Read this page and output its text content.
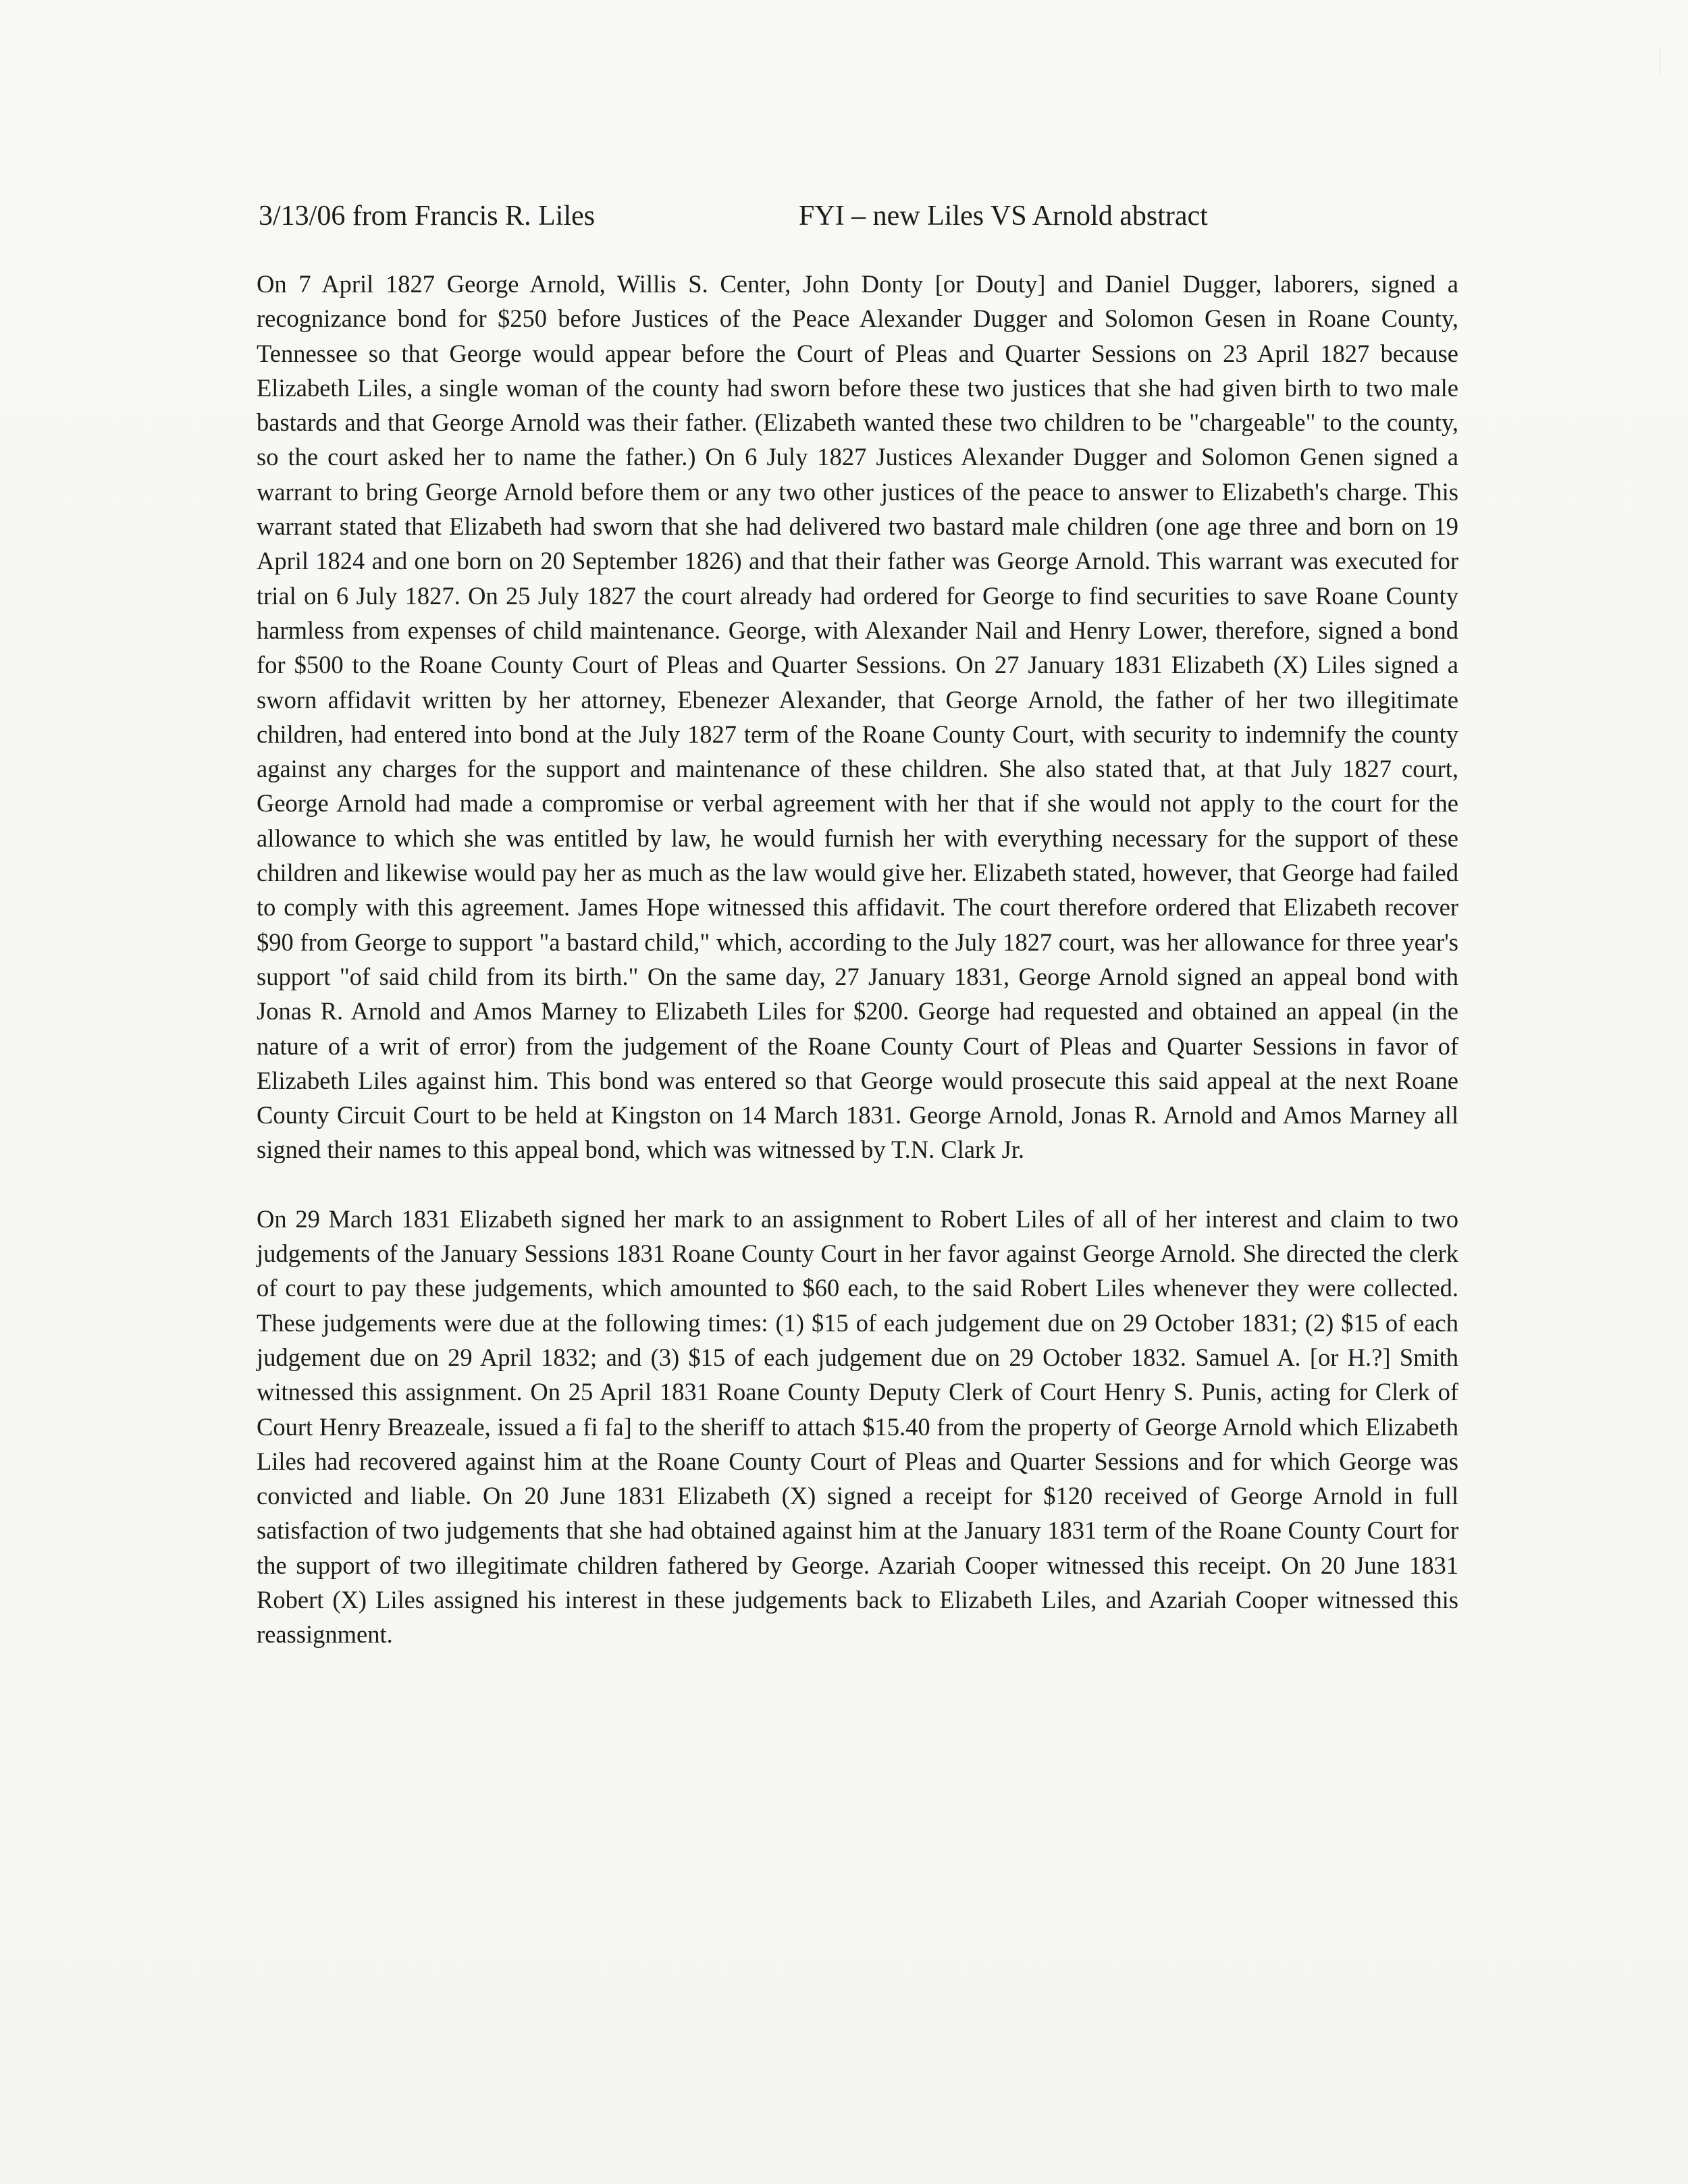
3/13/06 from Francis R. Liles	FYI – new Liles VS Arnold abstract

On 7 April 1827 George Arnold, Willis S. Center, John Donty [or Douty] and Daniel Dugger, laborers, signed a recognizance bond for $250 before Justices of the Peace Alexander Dugger and Solomon Gesen in Roane County, Tennessee so that George would appear before the Court of Pleas and Quarter Sessions on 23 April 1827 because Elizabeth Liles, a single woman of the county had sworn before these two justices that she had given birth to two male bastards and that George Arnold was their father. (Elizabeth wanted these two children to be "chargeable" to the county, so the court asked her to name the father.) On 6 July 1827 Justices Alexander Dugger and Solomon Genen signed a warrant to bring George Arnold before them or any two other justices of the peace to answer to Elizabeth's charge. This warrant stated that Elizabeth had sworn that she had delivered two bastard male children (one age three and born on 19 April 1824 and one born on 20 September 1826) and that their father was George Arnold. This warrant was executed for trial on 6 July 1827. On 25 July 1827 the court already had ordered for George to find securities to save Roane County harmless from expenses of child maintenance. George, with Alexander Nail and Henry Lower, therefore, signed a bond for $500 to the Roane County Court of Pleas and Quarter Sessions. On 27 January 1831 Elizabeth (X) Liles signed a sworn affidavit written by her attorney, Ebenezer Alexander, that George Arnold, the father of her two illegitimate children, had entered into bond at the July 1827 term of the Roane County Court, with security to indemnify the county against any charges for the support and maintenance of these children. She also stated that, at that July 1827 court, George Arnold had made a compromise or verbal agreement with her that if she would not apply to the court for the allowance to which she was entitled by law, he would furnish her with everything necessary for the support of these children and likewise would pay her as much as the law would give her. Elizabeth stated, however, that George had failed to comply with this agreement. James Hope witnessed this affidavit. The court therefore ordered that Elizabeth recover $90 from George to support "a bastard child," which, according to the July 1827 court, was her allowance for three year's support "of said child from its birth." On the same day, 27 January 1831, George Arnold signed an appeal bond with Jonas R. Arnold and Amos Marney to Elizabeth Liles for $200. George had requested and obtained an appeal (in the nature of a writ of error) from the judgement of the Roane County Court of Pleas and Quarter Sessions in favor of Elizabeth Liles against him. This bond was entered so that George would prosecute this said appeal at the next Roane County Circuit Court to be held at Kingston on 14 March 1831. George Arnold, Jonas R. Arnold and Amos Marney all signed their names to this appeal bond, which was witnessed by T.N. Clark Jr.

On 29 March 1831 Elizabeth signed her mark to an assignment to Robert Liles of all of her interest and claim to two judgements of the January Sessions 1831 Roane County Court in her favor against George Arnold. She directed the clerk of court to pay these judgements, which amounted to $60 each, to the said Robert Liles whenever they were collected. These judgements were due at the following times: (1) $15 of each judgement due on 29 October 1831; (2) $15 of each judgement due on 29 April 1832; and (3) $15 of each judgement due on 29 October 1832. Samuel A. [or H.?] Smith witnessed this assignment. On 25 April 1831 Roane County Deputy Clerk of Court Henry S. Punis, acting for Clerk of Court Henry Breazeale, issued a fi fa] to the sheriff to attach $15.40 from the property of George Arnold which Elizabeth Liles had recovered against him at the Roane County Court of Pleas and Quarter Sessions and for which George was convicted and liable. On 20 June 1831 Elizabeth (X) signed a receipt for $120 received of George Arnold in full satisfaction of two judgements that she had obtained against him at the January 1831 term of the Roane County Court for the support of two illegitimate children fathered by George. Azariah Cooper witnessed this receipt. On 20 June 1831 Robert (X) Liles assigned his interest in these judgements back to Elizabeth Liles, and Azariah Cooper witnessed this reassignment.
